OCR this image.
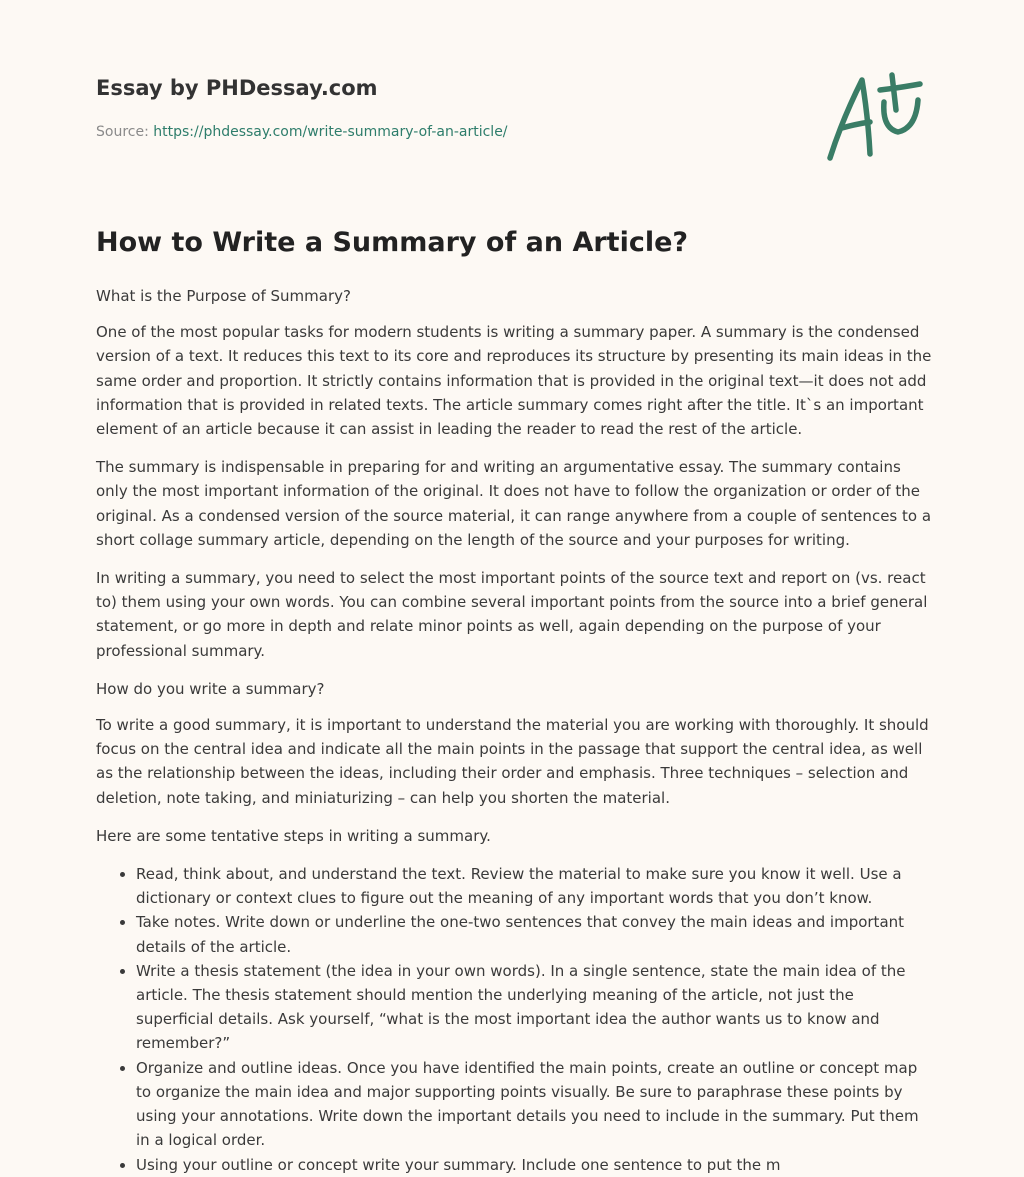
Essay by PHDessay.com

Source: https://phdessay.com/write-summary-of-an-article/

How to Write a Summary of an Article?

What is the Purpose of Summary?

One of the most popular tasks for modern students is writing a summary paper. A summary is the condensed version of a text. It reduces this text to its core and reproduces its structure by presenting its main ideas in the same order and proportion. It strictly contains information that is provided in the original text—it does not add information that is provided in related texts. The article summary comes right after the title. It`s an important element of an article because it can assist in leading the reader to read the rest of the article.

The summary is indispensable in preparing for and writing an argumentative essay. The summary contains only the most important information of the original. It does not have to follow the organization or order of the original. As a condensed version of the source material, it can range anywhere from a couple of sentences to a short collage summary article, depending on the length of the source and your purposes for writing.

In writing a summary, you need to select the most important points of the source text and report on (vs. react to) them using your own words. You can combine several important points from the source into a brief general statement, or go more in depth and relate minor points as well, again depending on the purpose of your professional summary.

How do you write a summary?

To write a good summary, it is important to understand the material you are working with thoroughly. It should focus on the central idea and indicate all the main points in the passage that support the central idea, as well as the relationship between the ideas, including their order and emphasis. Three techniques – selection and deletion, note taking, and miniaturizing – can help you shorten the material.

Here are some tentative steps in writing a summary.

• Read, think about, and understand the text. Review the material to make sure you know it well. Use a dictionary or context clues to figure out the meaning of any important words that you don’t know.
• Take notes. Write down or underline the one-two sentences that convey the main ideas and important details of the article.
• Write a thesis statement (the idea in your own words). In a single sentence, state the main idea of the article. The thesis statement should mention the underlying meaning of the article, not just the superficial details. Ask yourself, “what is the most important idea the author wants us to know and remember?”
• Organize and outline ideas. Once you have identified the main points, create an outline or concept map to organize the main idea and major supporting points visually. Be sure to paraphrase these points by using your annotations. Write down the important details you need to include in the summary. Put them in a logical order.
• Using your outline or concept write your summary. Include one sentence to put the m
